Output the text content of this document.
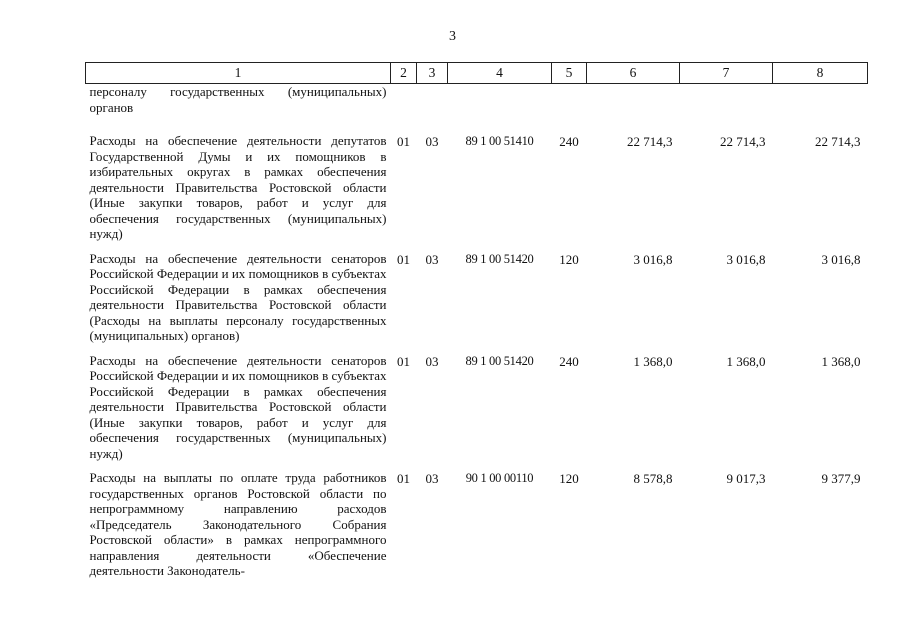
3
1	2	3	4	5	6	7	8
персоналу государственных (муниципальных) органов							
Расходы на обеспечение деятельности депутатов Государственной Думы и их помощников в избирательных округах в рамках обеспечения деятельности Правительства Ростовской области (Иные закупки товаров, работ и услуг для обеспечения государственных (муниципальных) нужд)	01	03	89 1 00 51410	240	22 714,3	22 714,3	22 714,3
Расходы на обеспечение деятельности сенаторов Российской Федерации и их помощников в субъектах Российской Федерации в рамках обеспечения деятельности Правительства Ростовской области (Расходы на выплаты персоналу государственных (муниципальных) органов)	01	03	89 1 00 51420	120	3 016,8	3 016,8	3 016,8
Расходы на обеспечение деятельности сенаторов Российской Федерации и их помощников в субъектах Российской Федерации в рамках обеспечения деятельности Правительства Ростовской области (Иные закупки товаров, работ и услуг для обеспечения государственных (муниципальных) нужд)	01	03	89 1 00 51420	240	1 368,0	1 368,0	1 368,0
Расходы на выплаты по оплате труда работников государственных органов Ростовской области по непрограммному направлению расходов «Председатель Законодательного Собрания Ростовской области» в рамках непрограммного направления деятельности «Обеспечение деятельности Законодатель-	01	03	90 1 00 00110	120	8 578,8	9 017,3	9 377,9
